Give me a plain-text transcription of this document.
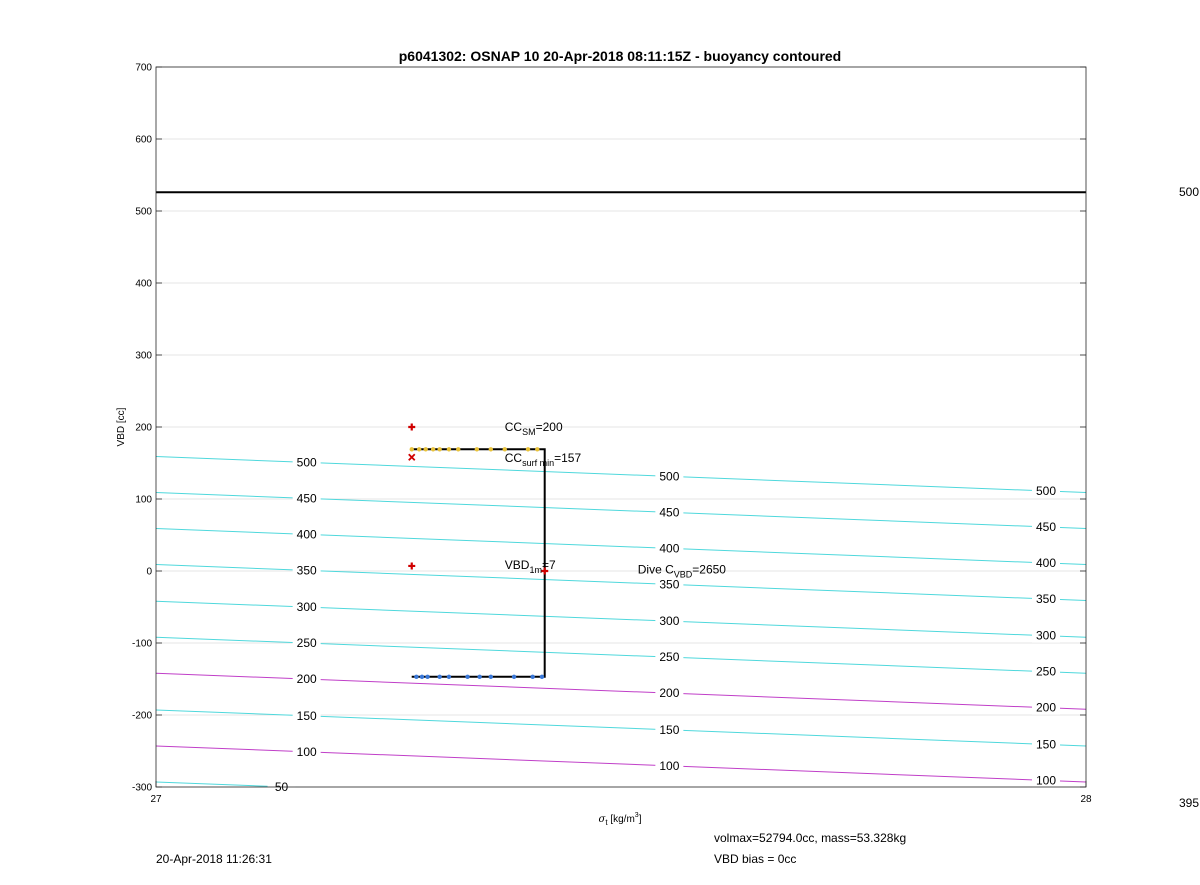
50
100
100
100
150
150
150
200
200
200
250
250
250
300
300
300
350
350
350
400
400
400
450
450
450
500
500
500
$CC_{SM}=200$
$CC_{surf min}=157$
$VBD_{1m}=7$	Dive $C_{VBD}=2650$
-300
-200
-100
0
100
200
300
400
500
600
700
27	28
p6041302: OSNAP 10 20-Apr-2018 08:11:15Z - buoyancy contoured
VBD [cc]
$\sigma_t$ $[kg/m^3]$
500
395
20-Apr-2018 11:26:31
volmax=52794.0cc, mass=53.328kg
VBD bias = 0cc
